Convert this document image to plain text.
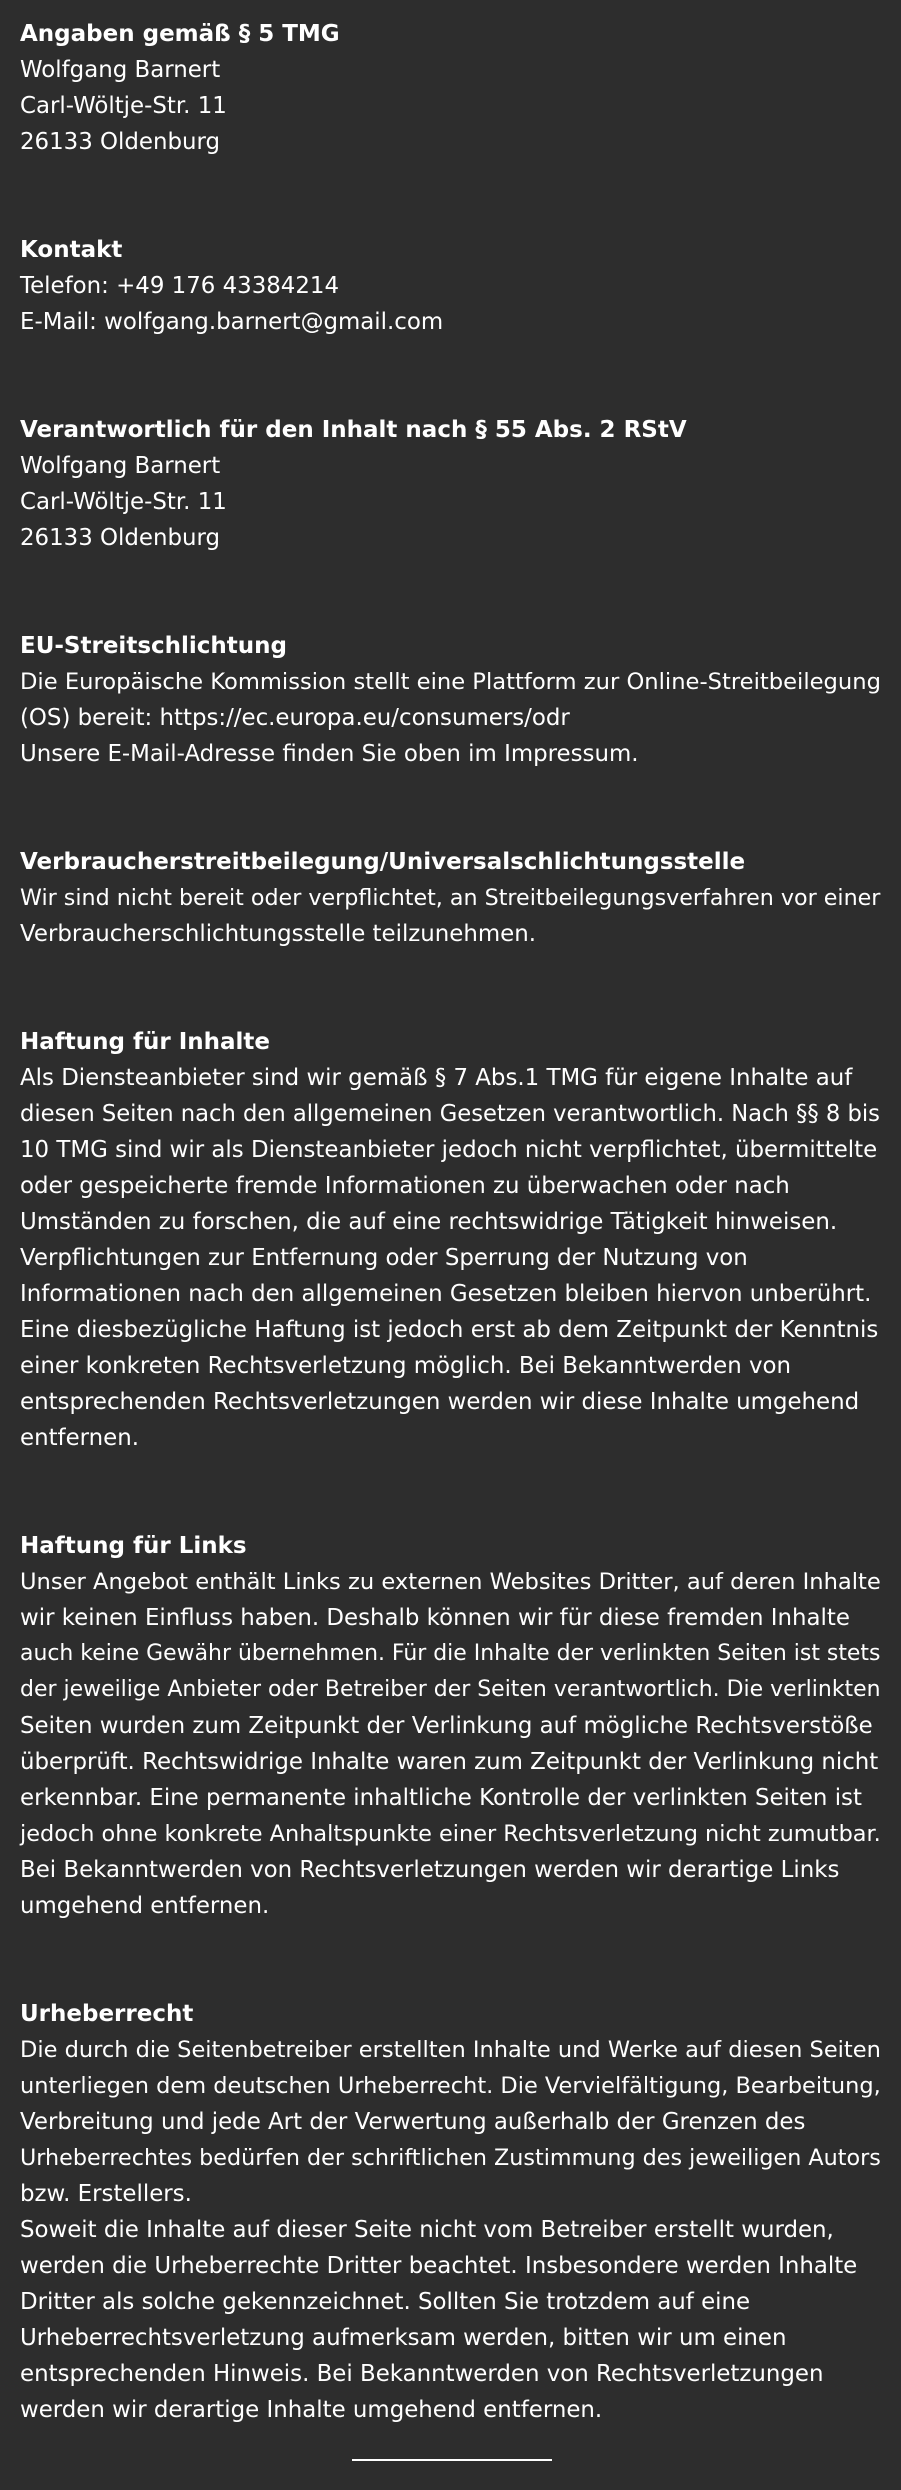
Angaben gemäß § 5 TMG
Wolfgang Barnert
Carl-Wöltje-Str. 11
26133 Oldenburg
Kontakt
Telefon: +49 176 43384214
E-Mail: wolfgang.barnert@gmail.com
Verantwortlich für den Inhalt nach § 55 Abs. 2 RStV
Wolfgang Barnert
Carl-Wöltje-Str. 11
26133 Oldenburg
EU-Streitschlichtung
Die Europäische Kommission stellt eine Plattform zur Online-Streitbeilegung
(OS) bereit: https://ec.europa.eu/consumers/odr
Unsere E-Mail-Adresse finden Sie oben im Impressum.
Verbraucherstreitbeilegung/Universalschlichtungsstelle
Wir sind nicht bereit oder verpflichtet, an Streitbeilegungsverfahren vor einer
Verbraucherschlichtungsstelle teilzunehmen.
Haftung für Inhalte
Als Diensteanbieter sind wir gemäß § 7 Abs.1 TMG für eigene Inhalte auf
diesen Seiten nach den allgemeinen Gesetzen verantwortlich. Nach §§ 8 bis
10 TMG sind wir als Diensteanbieter jedoch nicht verpflichtet, übermittelte
oder gespeicherte fremde Informationen zu überwachen oder nach
Umständen zu forschen, die auf eine rechtswidrige Tätigkeit hinweisen.
Verpflichtungen zur Entfernung oder Sperrung der Nutzung von
Informationen nach den allgemeinen Gesetzen bleiben hiervon unberührt.
Eine diesbezügliche Haftung ist jedoch erst ab dem Zeitpunkt der Kenntnis
einer konkreten Rechtsverletzung möglich. Bei Bekanntwerden von
entsprechenden Rechtsverletzungen werden wir diese Inhalte umgehend
entfernen.
Haftung für Links
Unser Angebot enthält Links zu externen Websites Dritter, auf deren Inhalte
wir keinen Einfluss haben. Deshalb können wir für diese fremden Inhalte
auch keine Gewähr übernehmen. Für die Inhalte der verlinkten Seiten ist stets
der jeweilige Anbieter oder Betreiber der Seiten verantwortlich. Die verlinkten
Seiten wurden zum Zeitpunkt der Verlinkung auf mögliche Rechtsverstöße
überprüft. Rechtswidrige Inhalte waren zum Zeitpunkt der Verlinkung nicht
erkennbar. Eine permanente inhaltliche Kontrolle der verlinkten Seiten ist
jedoch ohne konkrete Anhaltspunkte einer Rechtsverletzung nicht zumutbar.
Bei Bekanntwerden von Rechtsverletzungen werden wir derartige Links
umgehend entfernen.
Urheberrecht
Die durch die Seitenbetreiber erstellten Inhalte und Werke auf diesen Seiten
unterliegen dem deutschen Urheberrecht. Die Vervielfältigung, Bearbeitung,
Verbreitung und jede Art der Verwertung außerhalb der Grenzen des
Urheberrechtes bedürfen der schriftlichen Zustimmung des jeweiligen Autors
bzw. Erstellers.
Soweit die Inhalte auf dieser Seite nicht vom Betreiber erstellt wurden,
werden die Urheberrechte Dritter beachtet. Insbesondere werden Inhalte
Dritter als solche gekennzeichnet. Sollten Sie trotzdem auf eine
Urheberrechtsverletzung aufmerksam werden, bitten wir um einen
entsprechenden Hinweis. Bei Bekanntwerden von Rechtsverletzungen
werden wir derartige Inhalte umgehend entfernen.
